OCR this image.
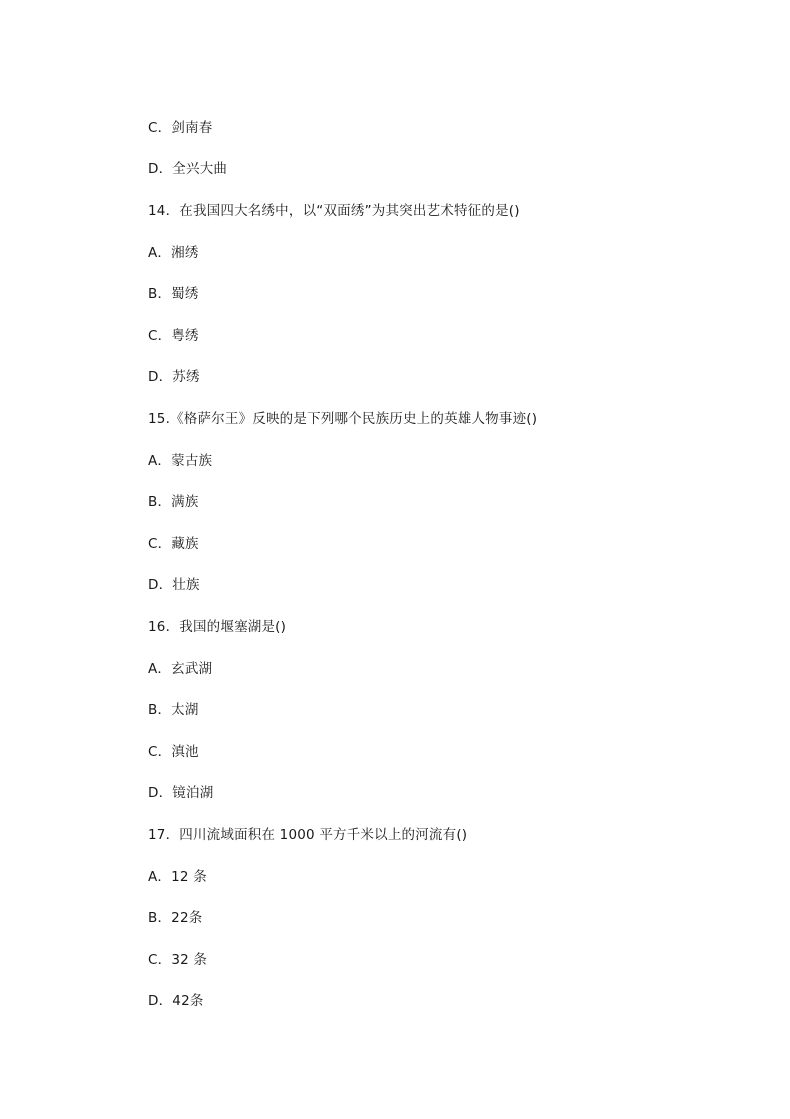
C．剑南春
D．全兴大曲
14．在我国四大名绣中，以“双面绣”为其突出艺术特征的是()
A．湘绣
B．蜀绣
C．粤绣
D．苏绣
15.《格萨尔王》反映的是下列哪个民族历史上的英雄人物事迹()
A．蒙古族
B．满族
C．藏族
D．壮族
16．我国的堰塞湖是()
A．玄武湖
B．太湖
C．滇池
D．镜泊湖
17．四川流域面积在 1000 平方千米以上的河流有()
A．12 条
B．22条
C．32 条
D．42条
